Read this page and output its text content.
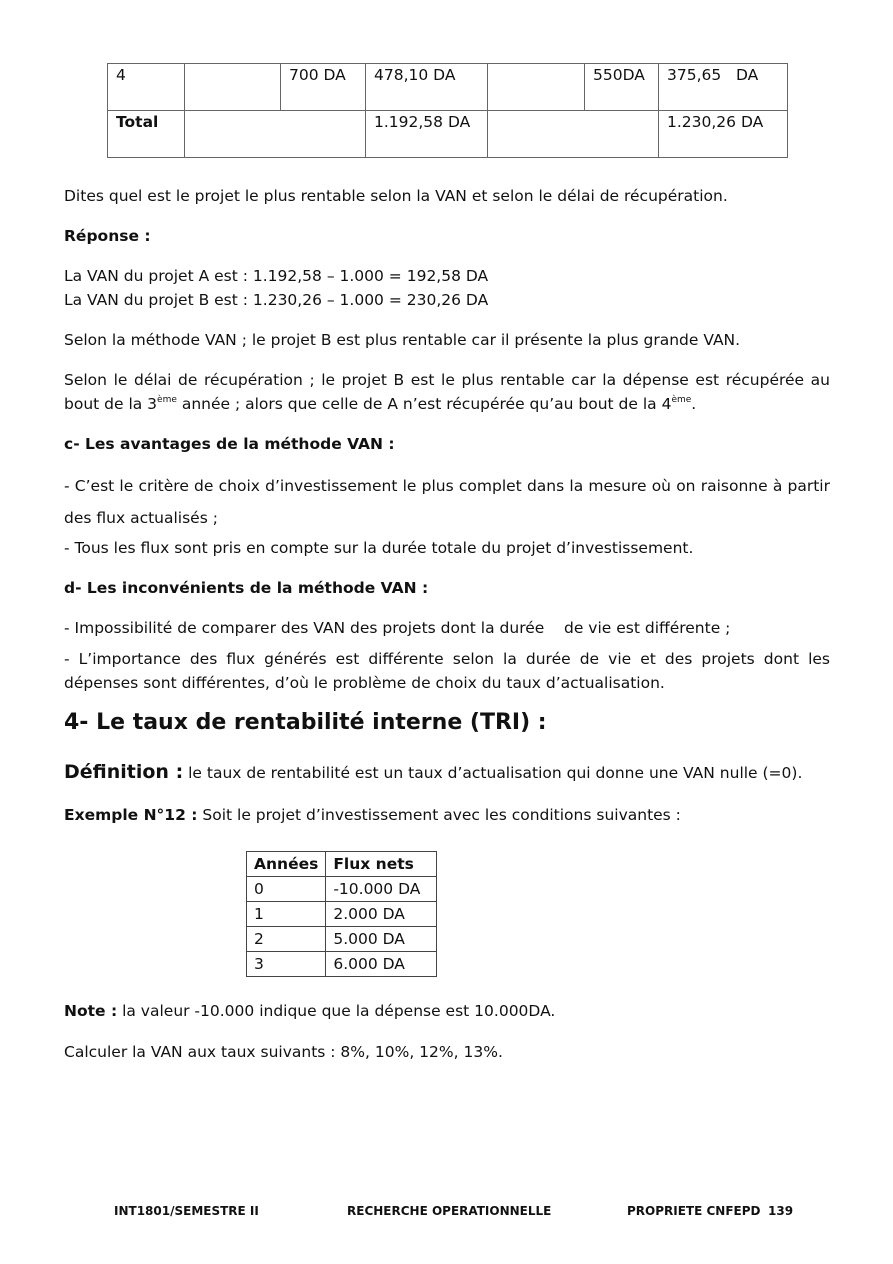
4		700 DA	478,10 DA		550DA	375,65   DA
Total			1.192,58 DA			1.230,26 DA

Dites quel est le projet le plus rentable selon la VAN et selon le délai de récupération.

Réponse :

La VAN du projet A est : 1.192,58 – 1.000 = 192,58 DA

La VAN du projet B est : 1.230,26 – 1.000 = 230,26 DA

Selon la méthode VAN ; le projet B est plus rentable car il présente la plus grande VAN.

Selon le délai de récupération ; le projet B est le plus rentable car la dépense est récupérée au bout de la 3ème année ; alors que celle de A n’est récupérée qu’au bout de la 4ème.

c- Les avantages de la méthode VAN :

- C’est le critère de choix d’investissement le plus complet dans la mesure où on raisonne à partir des flux actualisés ;

- Tous les flux sont pris en compte sur la durée totale du projet d’investissement.

d- Les inconvénients de la méthode VAN :

- Impossibilité de comparer des VAN des projets dont la durée    de vie est différente ;

- L’importance des flux générés est différente selon la durée de vie et des projets dont les dépenses sont différentes, d’où le problème de choix du taux d’actualisation.

4- Le taux de rentabilité interne (TRI) :

Définition : le taux de rentabilité est un taux d’actualisation qui donne une VAN nulle (=0).

Exemple N°12 : Soit le projet d’investissement avec les conditions suivantes :

Années	Flux nets
0	-10.000 DA
1	2.000 DA
2	5.000 DA
3	6.000 DA

Note : la valeur -10.000 indique que la dépense est 10.000DA.

Calculer la VAN aux taux suivants : 8%, 10%, 12%, 13%.

INT1801/SEMESTRE II	RECHERCHE OPERATIONNELLE	PROPRIETE CNFEPD 139
